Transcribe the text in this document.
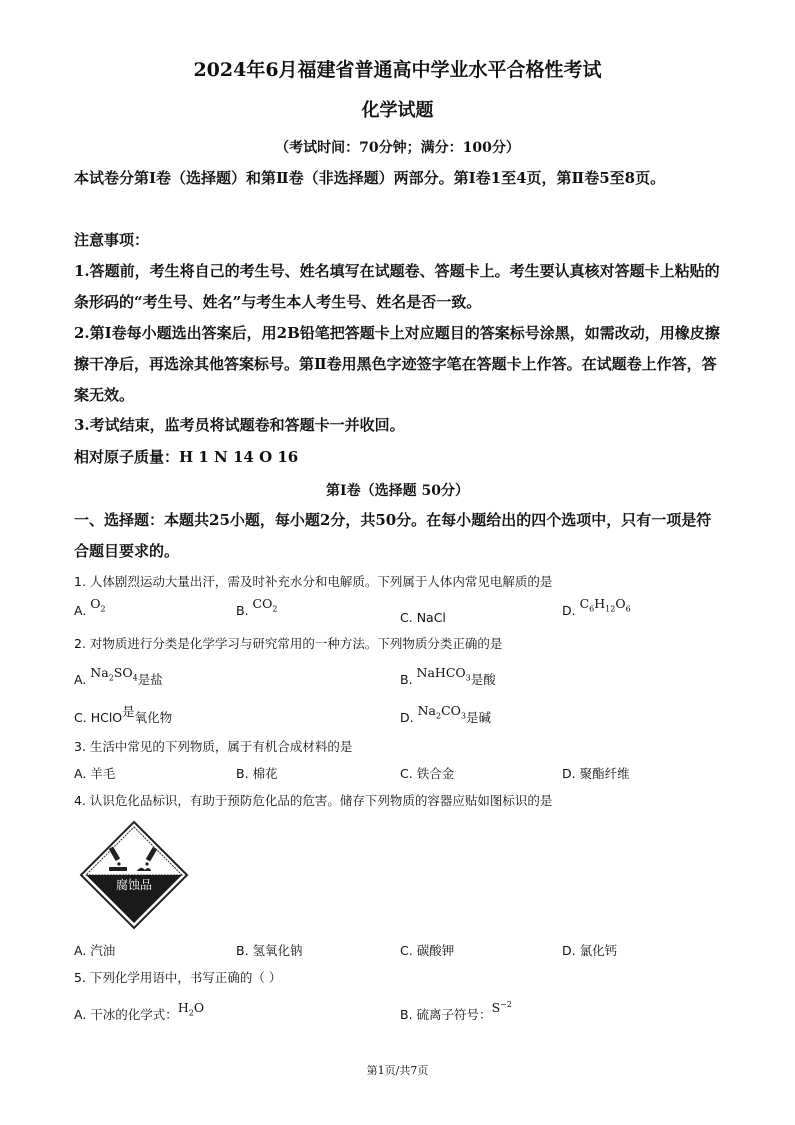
2024年6月福建省普通高中学业水平合格性考试
化学试题
（考试时间：70分钟；满分：100分）
本试卷分第Ⅰ卷（选择题）和第Ⅱ卷（非选择题）两部分。第Ⅰ卷1至4页，第Ⅱ卷5至8页。
注意事项：
1.答题前，考生将自己的考生号、姓名填写在试题卷、答题卡上。考生要认真核对答题卡上粘贴的条形码的“考生号、姓名”与考生本人考生号、姓名是否一致。
2.第Ⅰ卷每小题选出答案后，用2B铅笔把答题卡上对应题目的答案标号涂黑，如需改动，用橡皮擦擦干净后，再选涂其他答案标号。第Ⅱ卷用黑色字迹签字笔在答题卡上作答。在试题卷上作答，答案无效。
3.考试结束，监考员将试题卷和答题卡一并收回。
相对原子质量：H 1 N 14 O 16
第Ⅰ卷（选择题 50分）
一、选择题：本题共25小题，每小题2分，共50分。在每小题给出的四个选项中，只有一项是符合题目要求的。
1. 人体剧烈运动大量出汗，需及时补充水分和电解质。下列属于人体内常见电解质的是
A. $O_2$	B. $CO_2$
C. NaCl	D. $C_6H_{12}O_6$
2. 对物质进行分类是化学学习与研究常用的一种方法。下列物质分类正确的是
A. $Na_2SO_4$是盐	B. NaHCO$_3$是酸
C. HClO是氧化物	D. $Na_2CO_3$是碱
3. 生活中常见的下列物质，属于有机合成材料的是
A. 羊毛	B. 棉花	C. 铁合金	D. 聚酯纤维
4. 认识危化品标识，有助于预防危化品的危害。储存下列物质的容器应贴如图标识的是
腐蚀品
A. 汽油	B. 氢氧化钠	C. 碳酸钾	D. 氯化钙
5. 下列化学用语中，书写正确的（ ）
A. 干冰的化学式：$H_2O$	B. 硫离子符号：$S^{-2}$
第1页/共7页
